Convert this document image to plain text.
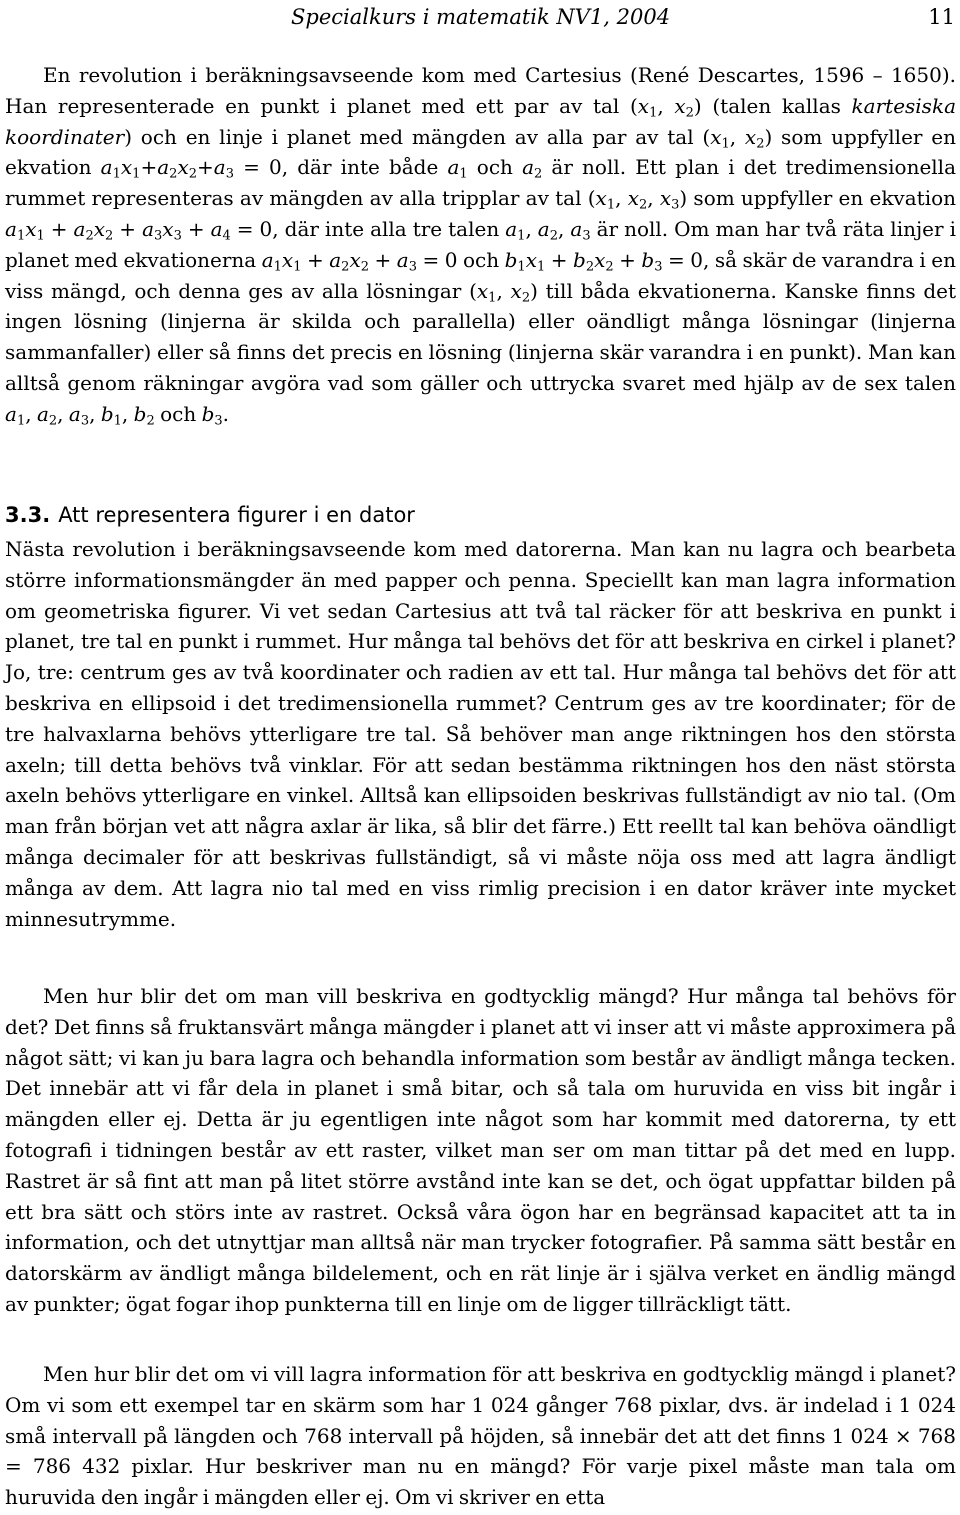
Specialkurs i matematik NV1, 2004	11

En revolution i beräkningsavseende kom med Cartesius (René Descartes, 1596 – 1650). Han representerade en punkt i planet med ett par av tal ($x_1$, $x_2$) (talen kallas kartesiska koordinater) och en linje i planet med mängden av alla par av tal ($x_1$, $x_2$) som uppfyller en ekvation $a_1x_1+a_2x_2+a_3 = 0$, där inte både $a_1$ och $a_2$ är noll. Ett plan i det tredimensionella rummet representeras av mängden av alla tripplar av tal ($x_1$, $x_2$, $x_3$) som uppfyller en ekvation $a_1x_1 + a_2x_2 + a_3x_3 + a_4 = 0$, där inte alla tre talen $a_1$, $a_2$, $a_3$ är noll. Om man har två räta linjer i planet med ekvationerna $a_1x_1 + a_2x_2 + a_3 = 0$ och $b_1x_1 + b_2x_2 + b_3 = 0$, så skär de varandra i en viss mängd, och denna ges av alla lösningar ($x_1$, $x_2$) till båda ekvationerna. Kanske finns det ingen lösning (linjerna är skilda och parallella) eller oändligt många lösningar (linjerna sammanfaller) eller så finns det precis en lösning (linjerna skär varandra i en punkt). Man kan alltså genom räkningar avgöra vad som gäller och uttrycka svaret med hjälp av de sex talen $a_1$, $a_2$, $a_3$, $b_1$, $b_2$ och $b_3$.

3.3. Att representera figurer i en dator

Nästa revolution i beräkningsavseende kom med datorerna. Man kan nu lagra och bearbeta större informationsmängder än med papper och penna. Speciellt kan man lagra information om geometriska figurer. Vi vet sedan Cartesius att två tal räcker för att beskriva en punkt i planet, tre tal en punkt i rummet. Hur många tal behövs det för att beskriva en cirkel i planet? Jo, tre: centrum ges av två koordinater och radien av ett tal. Hur många tal behövs det för att beskriva en ellipsoid i det tredimensionella rummet? Centrum ges av tre koordinater; för de tre halvaxlarna behövs ytterligare tre tal. Så behöver man ange riktningen hos den största axeln; till detta behövs två vinklar. För att sedan bestämma riktningen hos den näst största axeln behövs ytterligare en vinkel. Alltså kan ellipsoiden beskrivas fullständigt av nio tal. (Om man från början vet att några axlar är lika, så blir det färre.) Ett reellt tal kan behöva oändligt många decimaler för att beskrivas fullständigt, så vi måste nöja oss med att lagra ändligt många av dem. Att lagra nio tal med en viss rimlig precision i en dator kräver inte mycket minnesutrymme.

Men hur blir det om man vill beskriva en godtycklig mängd? Hur många tal behövs för det? Det finns så fruktansvärt många mängder i planet att vi inser att vi måste approximera på något sätt; vi kan ju bara lagra och behandla information som består av ändligt många tecken. Det innebär att vi får dela in planet i små bitar, och så tala om huruvida en viss bit ingår i mängden eller ej. Detta är ju egentligen inte något som har kommit med datorerna, ty ett fotografi i tidningen består av ett raster, vilket man ser om man tittar på det med en lupp. Rastret är så fint att man på litet större avstånd inte kan se det, och ögat uppfattar bilden på ett bra sätt och störs inte av rastret. Också våra ögon har en begränsad kapacitet att ta in information, och det utnyttjar man alltså när man trycker fotografier. På samma sätt består en datorskärm av ändligt många bildelement, och en rät linje är i själva verket en ändlig mängd av punkter; ögat fogar ihop punkterna till en linje om de ligger tillräckligt tätt.

Men hur blir det om vi vill lagra information för att beskriva en godtycklig mängd i planet? Om vi som ett exempel tar en skärm som har 1 024 gånger 768 pixlar, dvs. är indelad i 1 024 små intervall på längden och 768 intervall på höjden, så innebär det att det finns 1 024 × 768 = 786 432 pixlar. Hur beskriver man nu en mängd? För varje pixel måste man tala om huruvida den ingår i mängden eller ej. Om vi skriver en etta
